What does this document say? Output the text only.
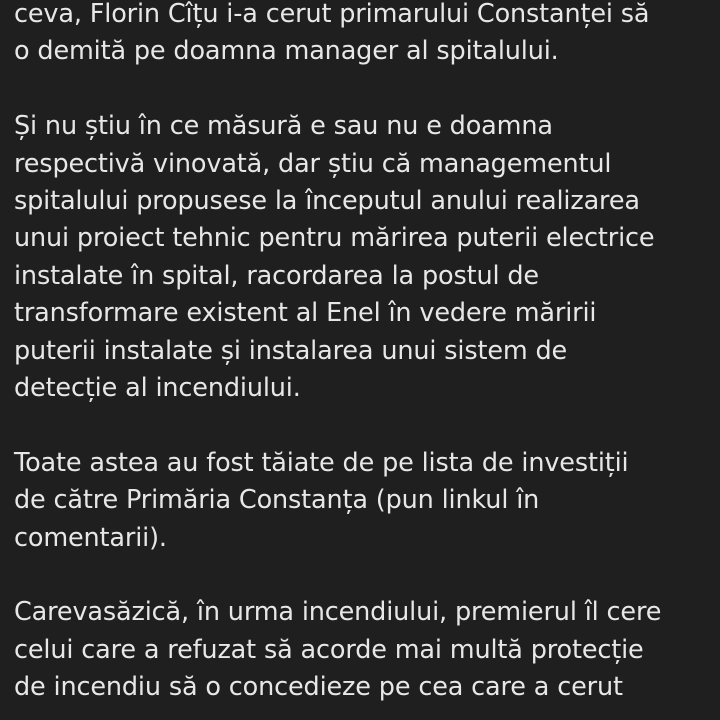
ceva, Florin Cîțu i-a cerut primarului Constanței să
o demită pe doamna manager al spitalului.

Și nu știu în ce măsură e sau nu e doamna
respectivă vinovată, dar știu că managementul
spitalului propusese la începutul anului realizarea
unui proiect tehnic pentru mărirea puterii electrice
instalate în spital, racordarea la postul de
transformare existent al Enel în vedere măririi
puterii instalate și instalarea unui sistem de
detecție al incendiului.

Toate astea au fost tăiate de pe lista de investiții
de către Primăria Constanța (pun linkul în
comentarii).

Carevasăzică, în urma incendiului, premierul îl cere
celui care a refuzat să acorde mai multă protecție
de incendiu să o concedieze pe cea care a cerut
